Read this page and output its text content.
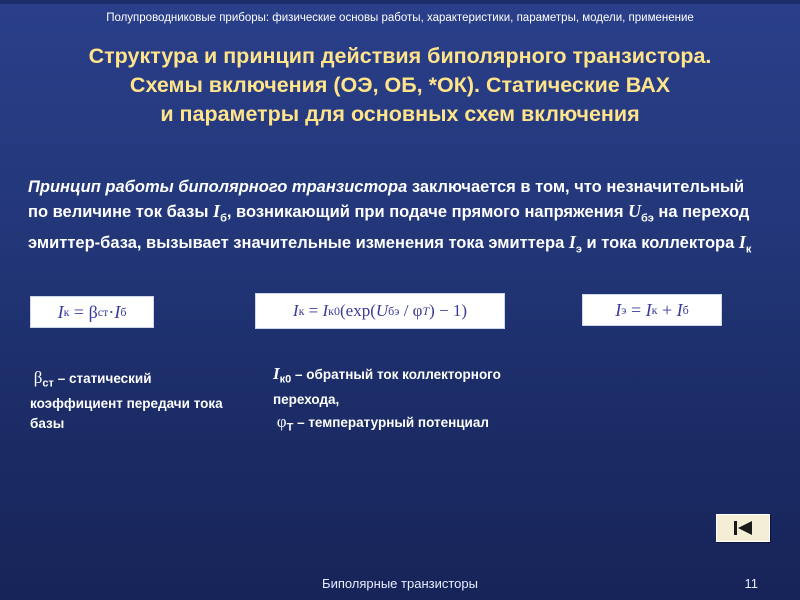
Полупроводниковые приборы: физические основы работы, характеристики, параметры, модели, применение
Структура и принцип действия биполярного транзистора.
Схемы включения (ОЭ, ОБ, *ОК). Статические ВАХ
и параметры для основных схем включения
Принцип работы биполярного транзистора заключается в том, что незначительный по величине ток базы $I_б$, возникающий при подаче прямого напряжения $U_{бэ}$ на переход эмиттер-база, вызывает значительные изменения тока эмиттера $I_э$ и тока коллектора $I_к$
I к = β ст · I б	I к = I к0 (exp( U бэ / φ T ) − 1)	I э = I к + I б
$\beta_{ст}$ – статический коэффициент передачи тока базы
$I_{к0}$ – обратный ток коллекторного перехода,
$\varphi_T$ – температурный потенциал
Биполярные транзисторы	11
